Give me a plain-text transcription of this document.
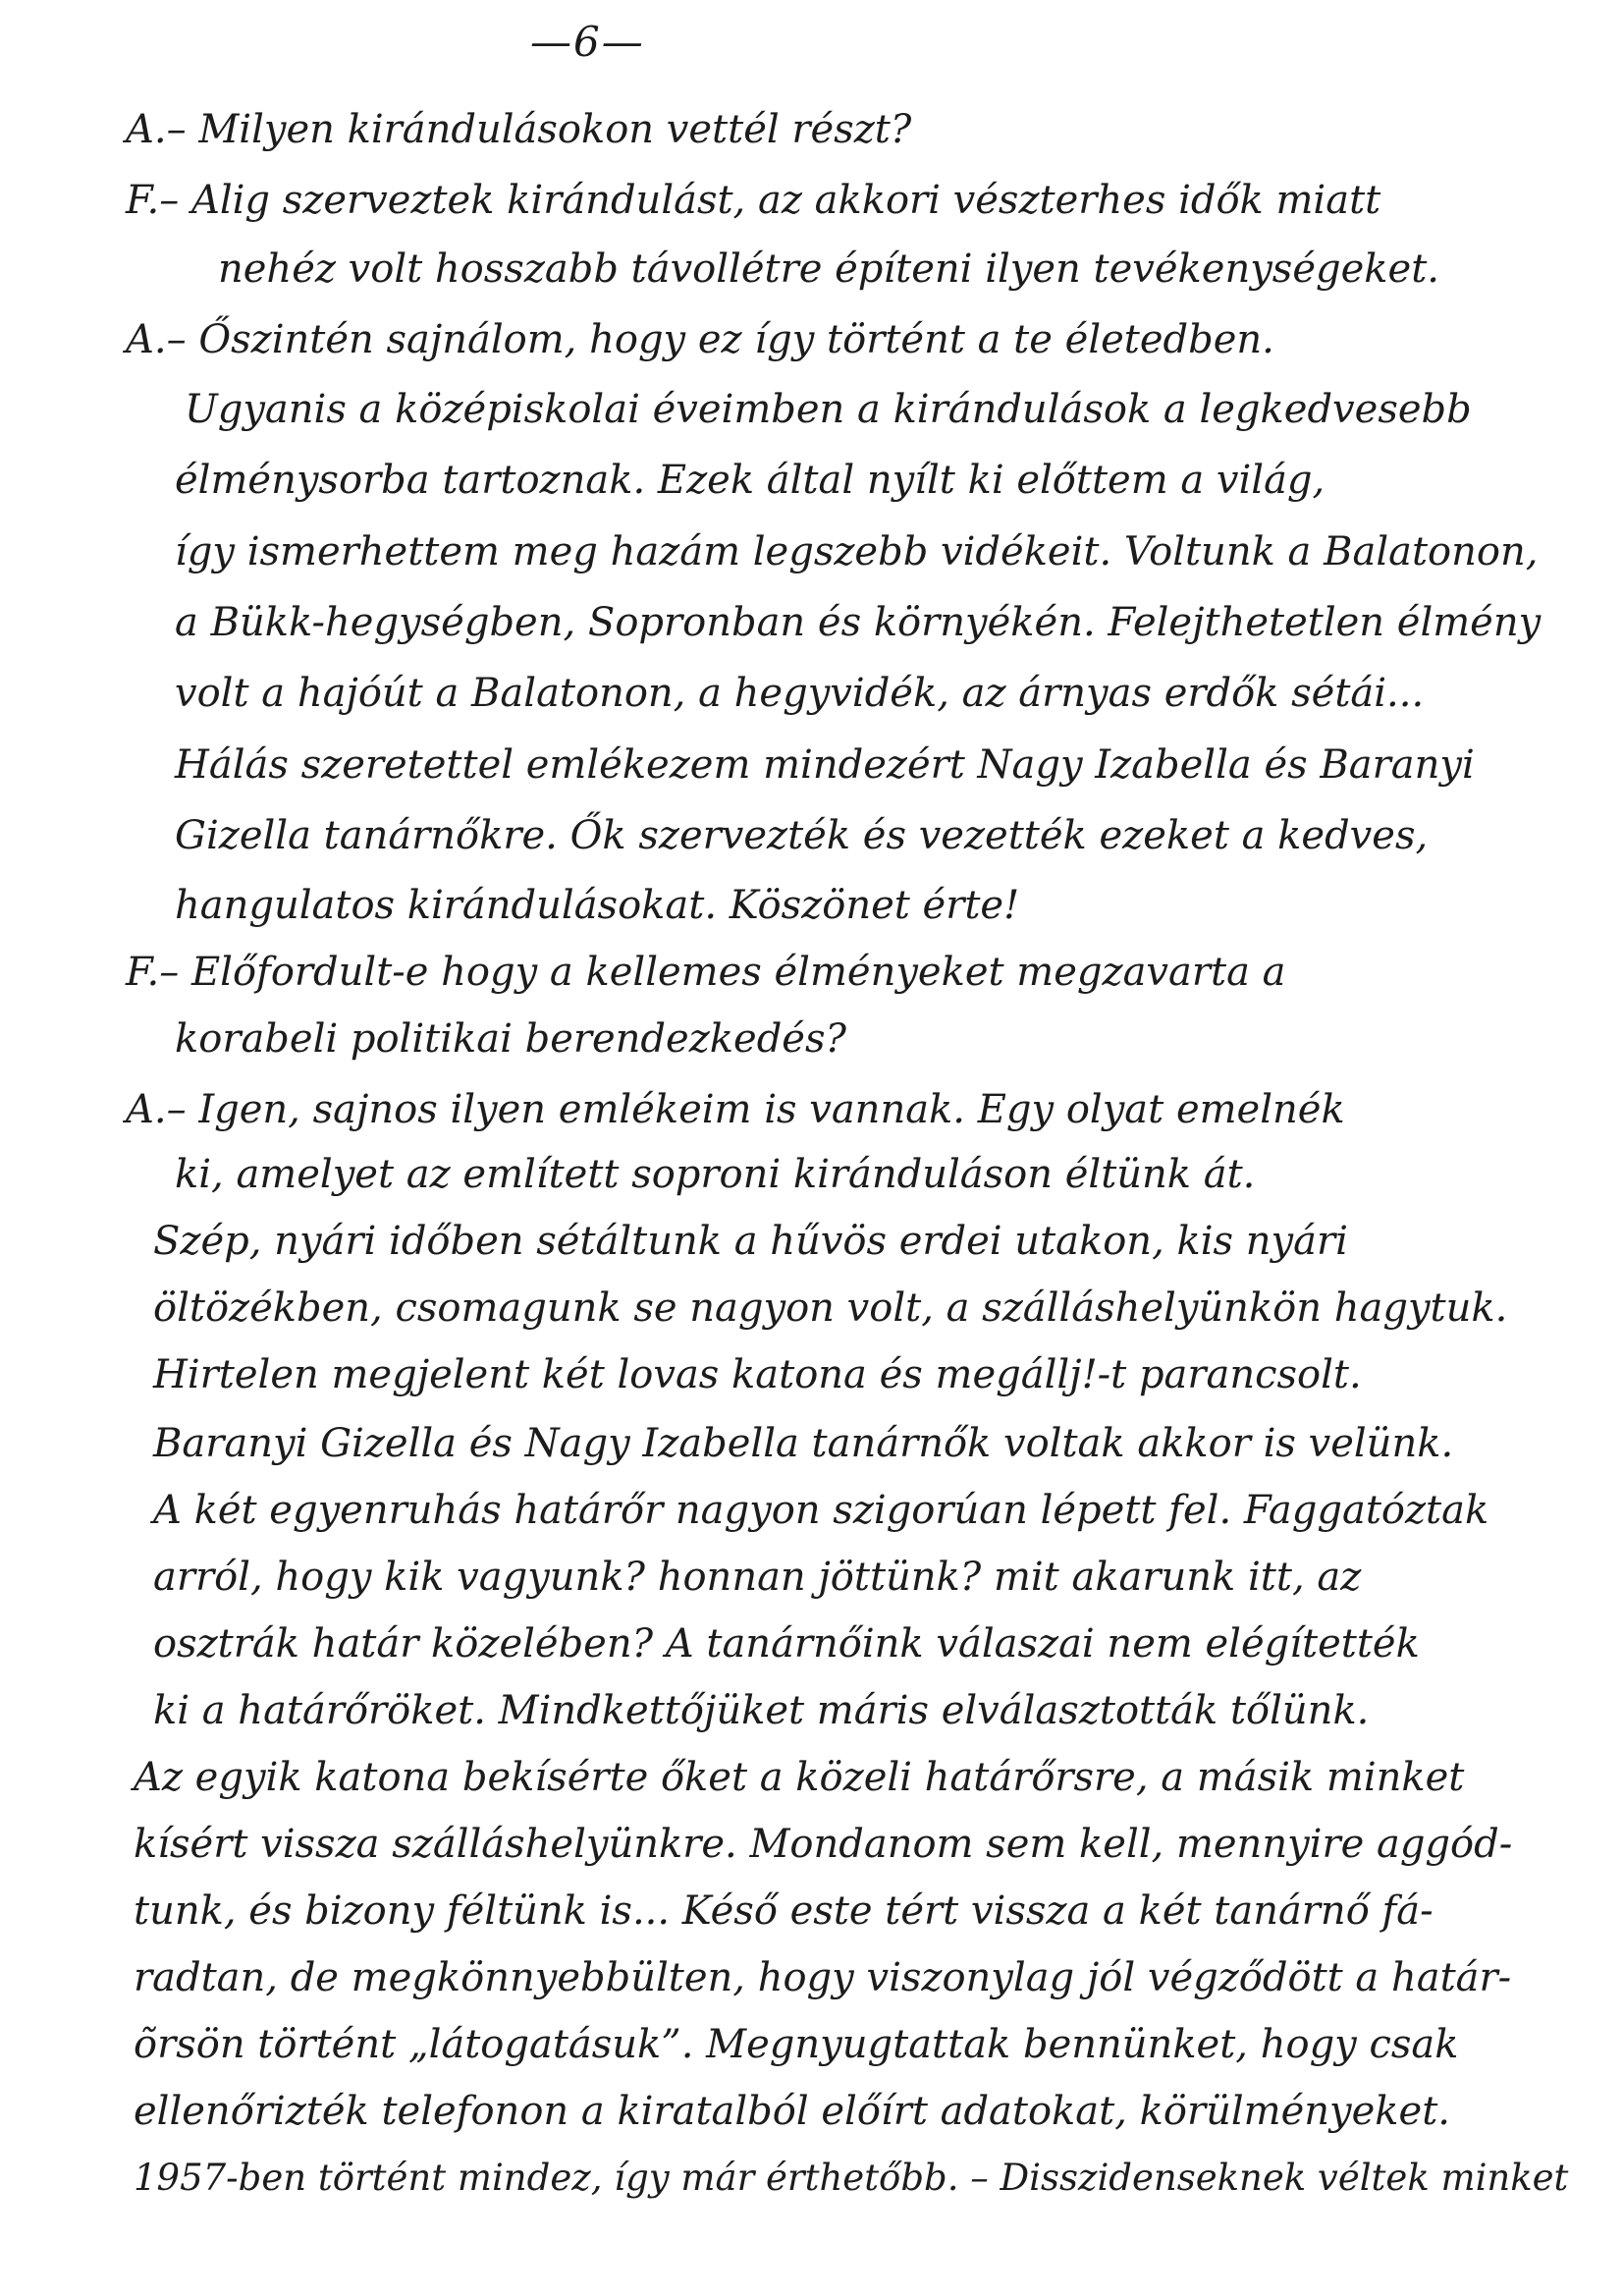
—6—
A.– Milyen kirándulásokon vettél részt?
F.– Alig szerveztek kirándulást, az akkori vészterhes idők miatt
nehéz volt hosszabb távollétre építeni ilyen tevékenységeket.
A.– Őszintén sajnálom, hogy ez így történt a te életedben.
Ugyanis a középiskolai éveimben a kirándulások a legkedvesebb
élménysorba tartoznak. Ezek által nyílt ki előttem a világ,
így ismerhettem meg hazám legszebb vidékeit. Voltunk a Balatonon,
a Bükk-hegységben, Sopronban és környékén. Felejthetetlen élmény
volt a hajóút a Balatonon, a hegyvidék, az árnyas erdők sétái...
Hálás szeretettel emlékezem mindezért Nagy Izabella és Baranyi
Gizella tanárnőkre. Ők szervezték és vezették ezeket a kedves,
hangulatos kirándulásokat. Köszönet érte!
F.– Előfordult-e hogy a kellemes élményeket megzavarta a
korabeli politikai berendezkedés?
A.– Igen, sajnos ilyen emlékeim is vannak. Egy olyat emelnék
ki, amelyet az említett soproni kiránduláson éltünk át.
Szép, nyári időben sétáltunk a hűvös erdei utakon, kis nyári
öltözékben, csomagunk se nagyon volt, a szálláshelyünkön hagytuk.
Hirtelen megjelent két lovas katona és megállj!-t parancsolt.
Baranyi Gizella és Nagy Izabella tanárnők voltak akkor is velünk.
A két egyenruhás határőr nagyon szigorúan lépett fel. Faggatóztak
arról, hogy kik vagyunk? honnan jöttünk? mit akarunk itt, az
osztrák határ közelében? A tanárnőink válaszai nem elégítették
ki a határőröket. Mindkettőjüket máris elválasztották tőlünk.
Az egyik katona bekísérte őket a közeli határőrsre, a másik minket
kísért vissza szálláshelyünkre. Mondanom sem kell, mennyire aggód-
tunk, és bizony féltünk is... Késő este tért vissza a két tanárnő fá-
radtan, de megkönnyebbülten, hogy viszonylag jól végződött a határ-
õrsön történt „látogatásuk”. Megnyugtattak bennünket, hogy csak
ellenőrizték telefonon a kiratalból előírt adatokat, körülményeket.
1957-ben történt mindez, így már érthetőbb. – Disszidenseknek véltek minket
